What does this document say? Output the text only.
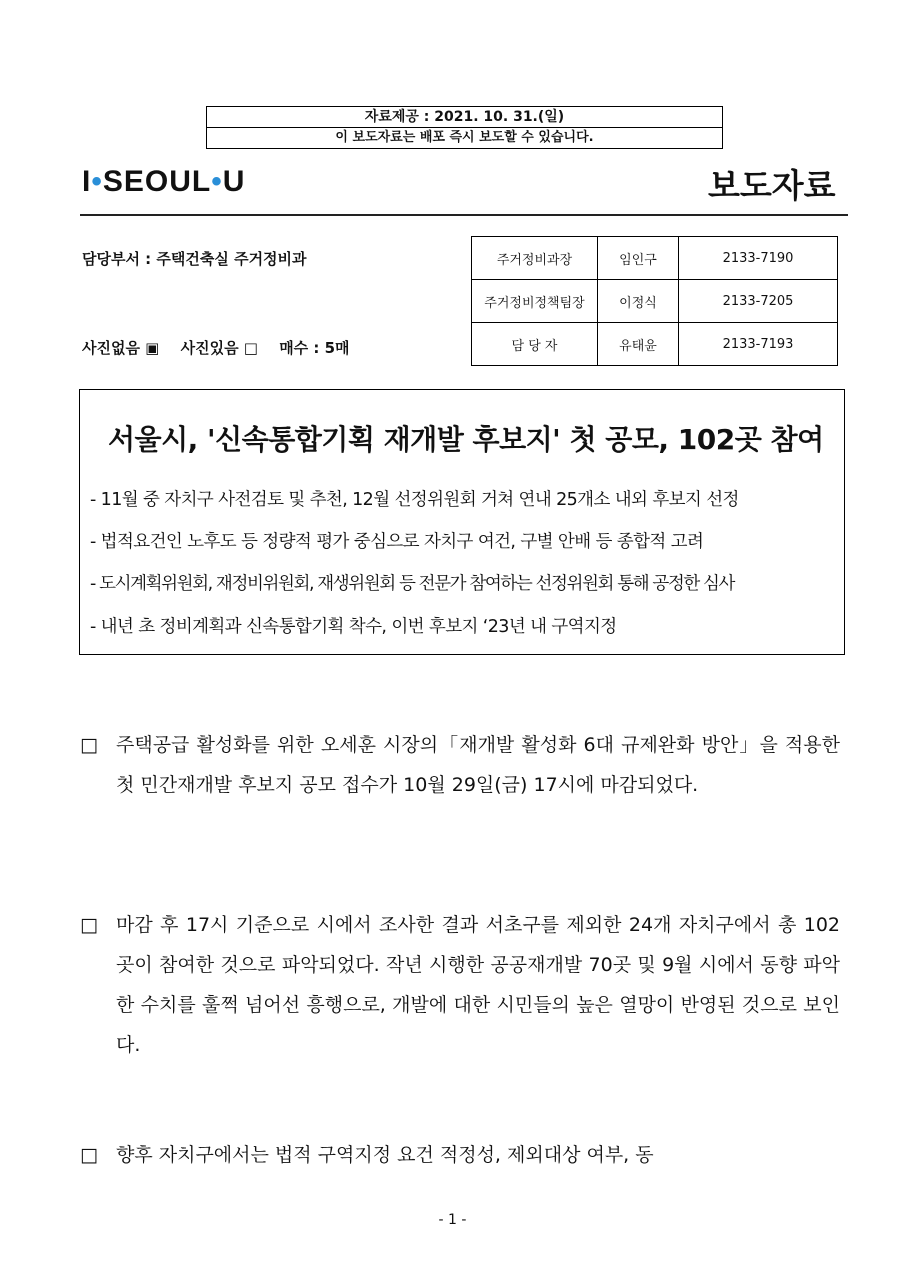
자료제공 : 2021. 10. 31.(일)
이 보도자료는 배포 즉시 보도할 수 있습니다.
I•SEOUL•U	보도자료
담당부서 : 주택건축실 주거정비과
사진없음 ▣ 사진있음 □ 매수 : 5매
주거정비과장	임인구	2133-7190
주거정비정책팀장	이정식	2133-7205
담 당 자	유태윤	2133-7193
서울시, '신속통합기획 재개발 후보지' 첫 공모, 102곳 참여
- 11월 중 자치구 사전검토 및 추천, 12월 선정위원회 거쳐 연내 25개소 내외 후보지 선정
- 법적요건인 노후도 등 정량적 평가 중심으로 자치구 여건, 구별 안배 등 종합적 고려
- 도시계획위원회, 재정비위원회, 재생위원회 등 전문가 참여하는 선정위원회 통해 공정한 심사
- 내년 초 정비계획과 신속통합기획 착수, 이번 후보지 ‘23년 내 구역지정
□ 주택공급 활성화를 위한 오세훈 시장의「재개발 활성화 6대 규제완화 방안」을 적용한 첫 민간재개발 후보지 공모 접수가 10월 29일(금) 17시에 마감되었다.
□ 마감 후 17시 기준으로 시에서 조사한 결과 서초구를 제외한 24개 자치구에서 총 102곳이 참여한 것으로 파악되었다. 작년 시행한 공공재개발 70곳 및 9월 시에서 동향 파악한 수치를 훌쩍 넘어선 흥행으로, 개발에 대한 시민들의 높은 열망이 반영된 것으로 보인다.
□ 향후 자치구에서는 법적 구역지정 요건 적정성, 제외대상 여부, 동
- 1 -
